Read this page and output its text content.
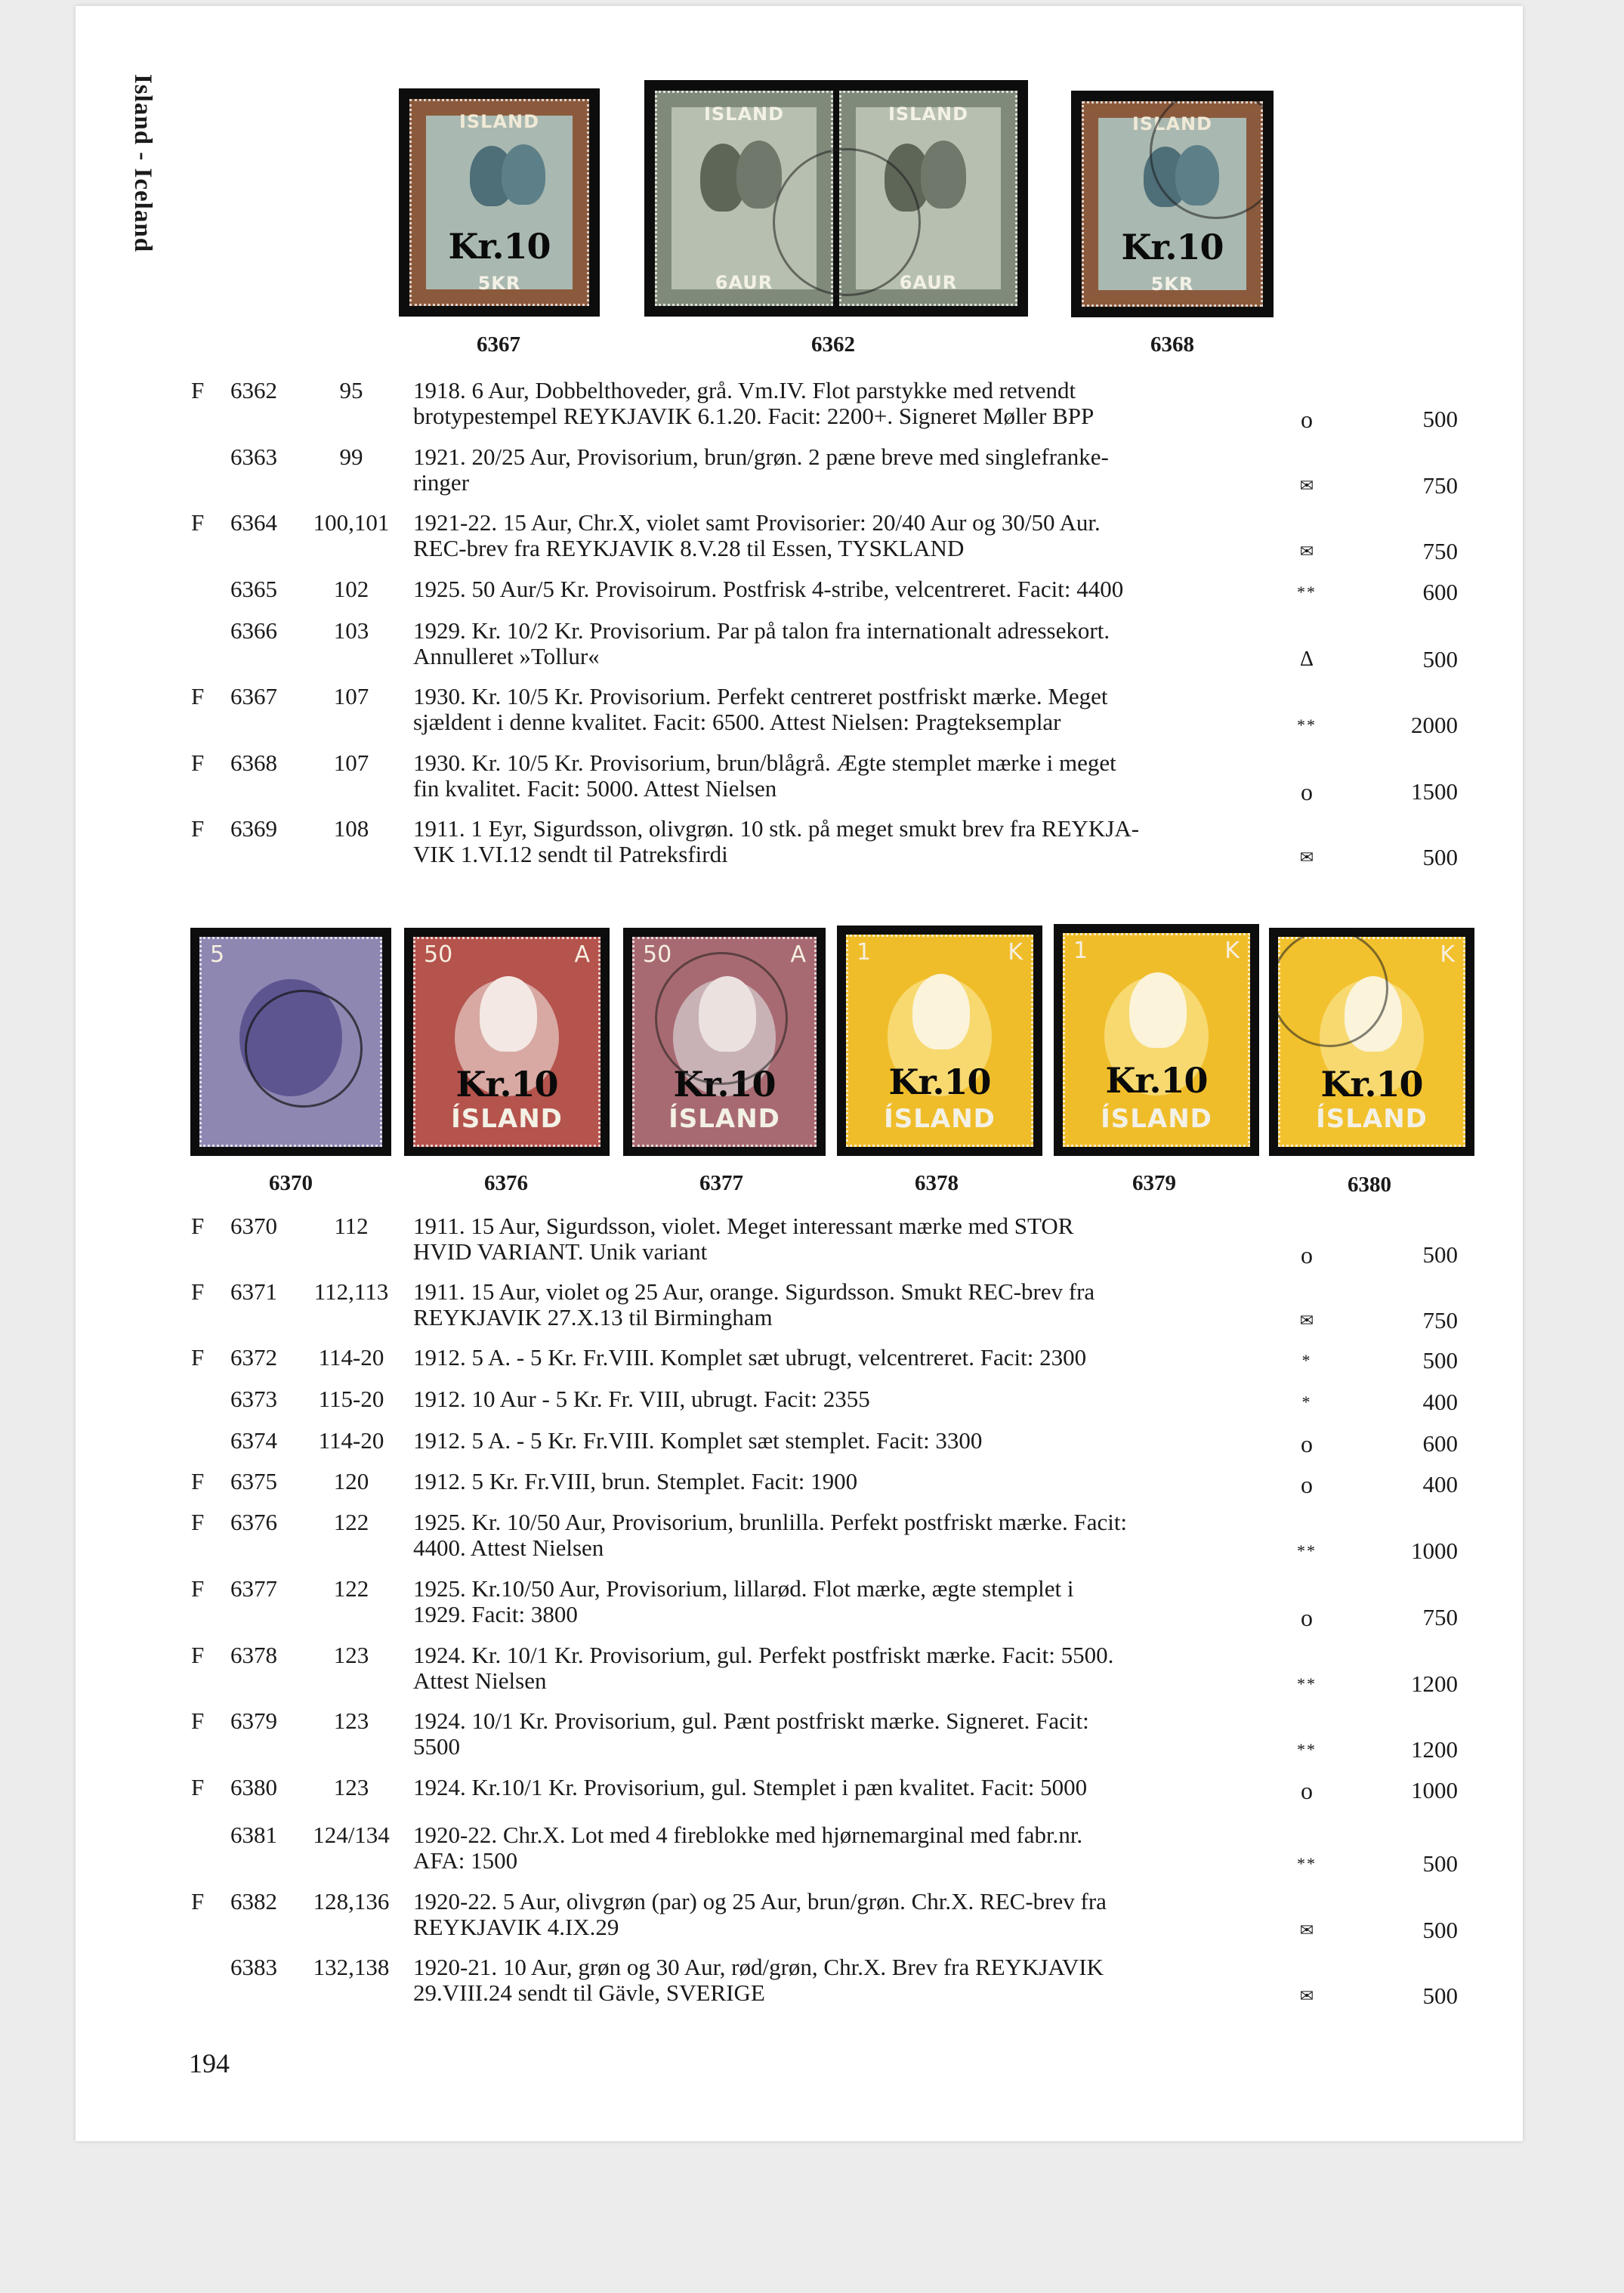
Island - Iceland	ISLAND
Kr.10
5KR
ISLAND
6AUR
ISLAND
6AUR
ISLAND
Kr.10
5KR
6367	6362	6368
F 6362	95	1918. 6 Aur, Dobbelthoveder, grå. Vm.IV. Flot parstykke med retvendt
brotypestempel REYKJAVIK 6.1.20. Facit: 2200+. Signeret Møller BPP	o	500
6363	99	1921. 20/25 Aur, Provisorium, brun/grøn. 2 pæne breve med singlefranke-
ringer	✉	750
F 6364	100,101	1921-22. 15 Aur, Chr.X, violet samt Provisorier: 20/40 Aur og 30/50 Aur.
REC-brev fra REYKJAVIK 8.V.28 til Essen, TYSKLAND	✉	750
6365	102	1925. 50 Aur/5 Kr. Provisoirum. Postfrisk 4-stribe, velcentreret. Facit: 4400	**	600
6366	103	1929. Kr. 10/2 Kr. Provisorium. Par på talon fra internationalt adressekort.
Annulleret »Tollur«	Δ	500
F 6367	107	1930. Kr. 10/5 Kr. Provisorium. Perfekt centreret postfriskt mærke. Meget
sjældent i denne kvalitet. Facit: 6500. Attest Nielsen: Pragteksemplar	**	2000
F 6368	107	1930. Kr. 10/5 Kr. Provisorium, brun/blågrå. Ægte stemplet mærke i meget
fin kvalitet. Facit: 5000. Attest Nielsen	o	1500
F 6369	108	1911. 1 Eyr, Sigurdsson, olivgrøn. 10 stk. på meget smukt brev fra REYKJA-
VIK 1.VI.12 sendt til Patreksfirdi	✉	500
5	50	A
Kr.10
ÍSLAND
50	A
Kr.10
ÍSLAND
1	K
Kr.10
ÍSLAND
1	K
Kr.10
ÍSLAND
K
Kr.10
ÍSLAND
6370	6376	6377	6378	6379	6380
F 6370	112	1911. 15 Aur, Sigurdsson, violet. Meget interessant mærke med STOR
HVID VARIANT. Unik variant	o	500
F 6371	112,113	1911. 15 Aur, violet og 25 Aur, orange. Sigurdsson. Smukt REC-brev fra
REYKJAVIK 27.X.13 til Birmingham	✉	750
F 6372	114-20	1912. 5 A. - 5 Kr. Fr.VIII. Komplet sæt ubrugt, velcentreret. Facit: 2300	*	500
6373	115-20	1912. 10 Aur - 5 Kr. Fr. VIII, ubrugt. Facit: 2355	*	400
6374	114-20	1912. 5 A. - 5 Kr. Fr.VIII. Komplet sæt stemplet. Facit: 3300	o	600
F 6375	120	1912. 5 Kr. Fr.VIII, brun. Stemplet. Facit: 1900	o	400
F 6376	122	1925. Kr. 10/50 Aur, Provisorium, brunlilla. Perfekt postfriskt mærke. Facit:
4400. Attest Nielsen	**	1000
F 6377	122	1925. Kr.10/50 Aur, Provisorium, lillarød. Flot mærke, ægte stemplet i
1929. Facit: 3800	o	750
F 6378	123	1924. Kr. 10/1 Kr. Provisorium, gul. Perfekt postfriskt mærke. Facit: 5500.
Attest Nielsen	**	1200
F 6379	123	1924. 10/1 Kr. Provisorium, gul. Pænt postfriskt mærke. Signeret. Facit:
5500	**	1200
F 6380	123	1924. Kr.10/1 Kr. Provisorium, gul. Stemplet i pæn kvalitet. Facit: 5000	o	1000
6381	124/134	1920-22. Chr.X. Lot med 4 fireblokke med hjørnemarginal med fabr.nr.
AFA: 1500	**	500
F 6382	128,136	1920-22. 5 Aur, olivgrøn (par) og 25 Aur, brun/grøn. Chr.X. REC-brev fra
REYKJAVIK 4.IX.29	✉	500
6383	132,138	1920-21. 10 Aur, grøn og 30 Aur, rød/grøn, Chr.X. Brev fra REYKJAVIK
29.VIII.24 sendt til Gävle, SVERIGE	✉	500
194
